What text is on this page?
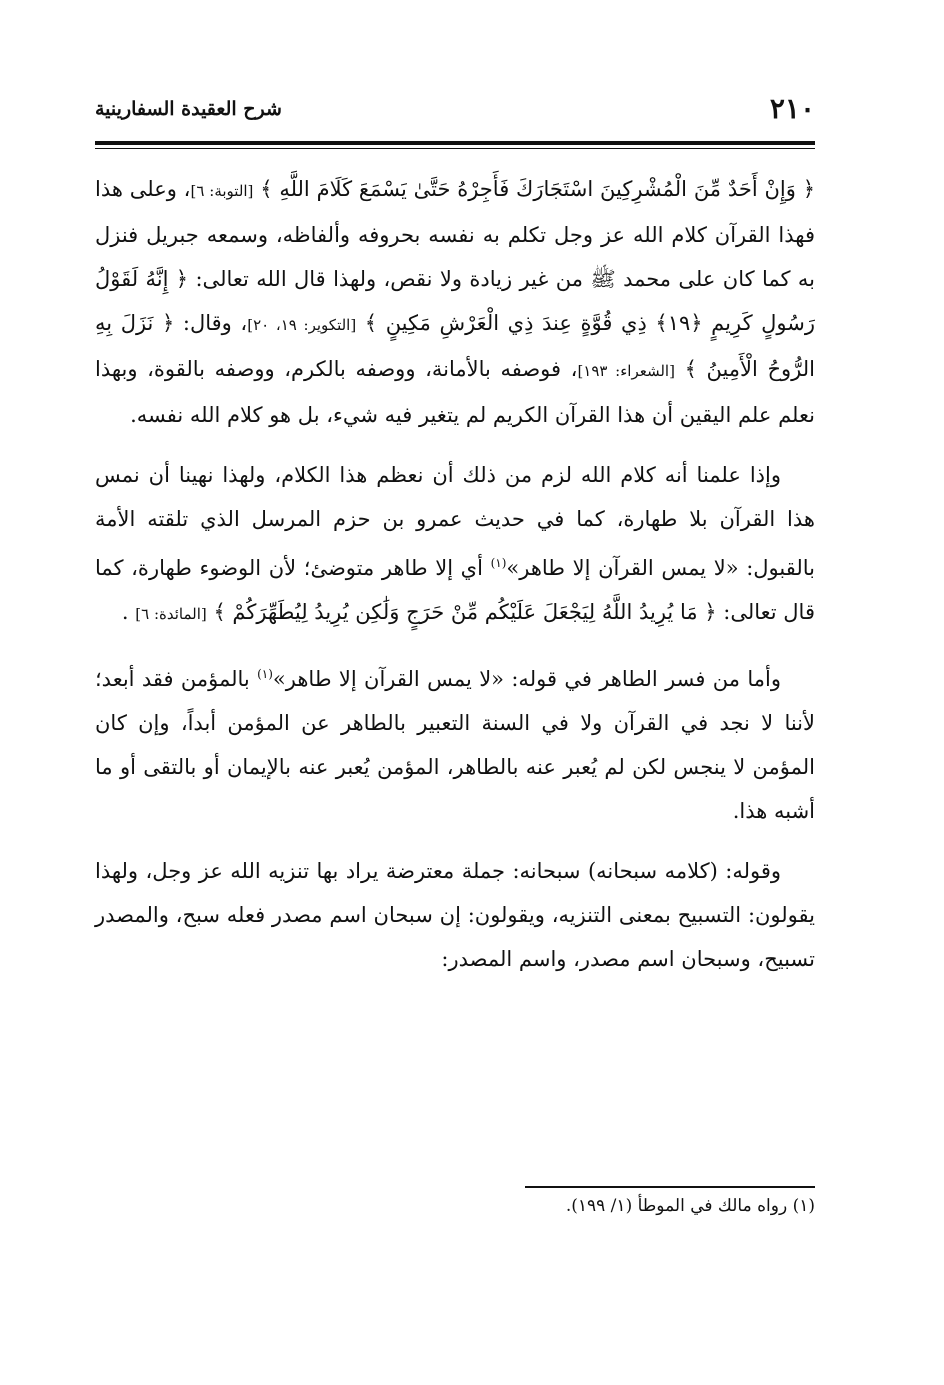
٢١٠
شرح العقيدة السفارينية

﴿ وَإِنْ أَحَدٌ مِّنَ الْمُشْرِكِينَ اسْتَجَارَكَ فَأَجِرْهُ حَتَّىٰ يَسْمَعَ كَلَامَ اللَّهِ ﴾ [التوبة: ٦]، وعلى هذا فهذا القرآن كلام الله عز وجل تكلم به نفسه بحروفه وألفاظه، وسمعه جبريل فنزل به كما كان على محمد ﷺ من غير زيادة ولا نقص، ولهذا قال الله تعالى: ﴿ إِنَّهُ لَقَوْلُ رَسُولٍ كَرِيمٍ ﴿١٩﴾ ذِي قُوَّةٍ عِندَ ذِي الْعَرْشِ مَكِينٍ ﴾ [التكوير: ١٩، ٢٠]، وقال: ﴿ نَزَلَ بِهِ الرُّوحُ الْأَمِينُ ﴾ [الشعراء: ١٩٣]، فوصفه بالأمانة، ووصفه بالكرم، ووصفه بالقوة، وبهذا نعلم علم اليقين أن هذا القرآن الكريم لم يتغير فيه شيء، بل هو كلام الله نفسه.

وإذا علمنا أنه كلام الله لزم من ذلك أن نعظم هذا الكلام، ولهذا نهينا أن نمس هذا القرآن بلا طهارة، كما في حديث عمرو بن حزم المرسل الذي تلقته الأمة بالقبول: «لا يمس القرآن إلا طاهر»$^{(١)}$ أي إلا طاهر متوضئ؛ لأن الوضوء طهارة، كما قال تعالى: ﴿ مَا يُرِيدُ اللَّهُ لِيَجْعَلَ عَلَيْكُم مِّنْ حَرَجٍ وَلَٰكِن يُرِيدُ لِيُطَهِّرَكُمْ ﴾ [المائدة: ٦] .

وأما من فسر الطاهر في قوله: «لا يمس القرآن إلا طاهر»$^{(١)}$ بالمؤمن فقد أبعد؛ لأننا لا نجد في القرآن ولا في السنة التعبير بالطاهر عن المؤمن أبداً، وإن كان المؤمن لا ينجس لكن لم يُعبر عنه بالطاهر، المؤمن يُعبر عنه بالإيمان أو بالتقى أو ما أشبه هذا.

وقوله: (كلامه سبحانه) سبحانه: جملة معترضة يراد بها تنزيه الله عز وجل، ولهذا يقولون: التسبيح بمعنى التنزيه، ويقولون: إن سبحان اسم مصدر فعله سبح، والمصدر تسبيح، وسبحان اسم مصدر، واسم المصدر:

(١) رواه مالك في الموطأ (١/ ١٩٩).
